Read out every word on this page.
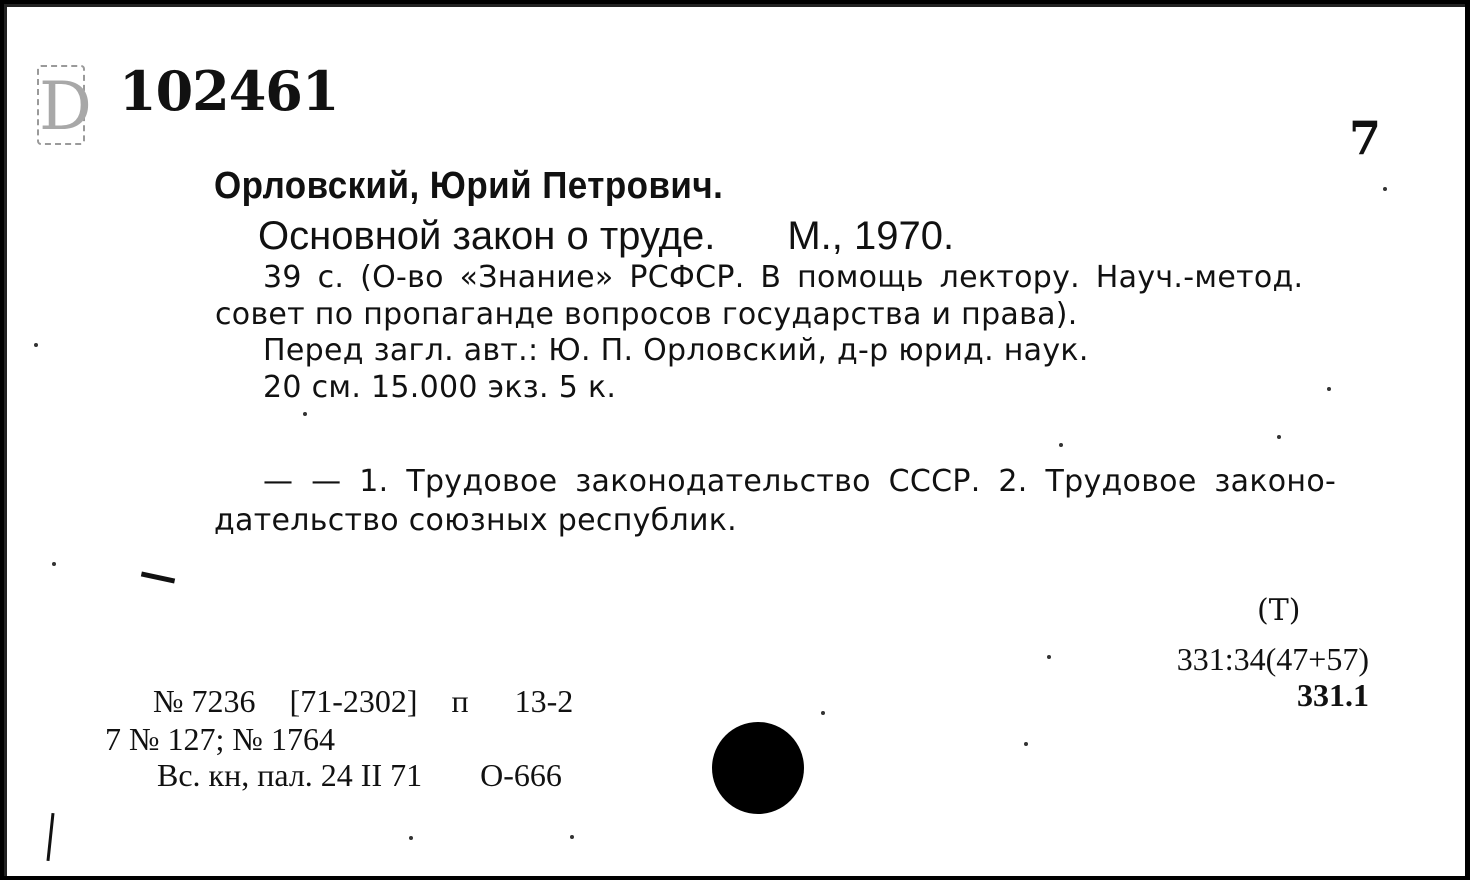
D 102461
7
Орловский, Юрий Петрович.
Основной закон о труде. М., 1970.
39 с. (О-во «Знание» РСФСР. В помощь лектору. Науч.-метод.
совет по пропаганде вопросов государства и права).
Перед загл. авт.: Ю. П. Орловский, д-р юрид. наук.
20 см. 15.000 экз. 5 к.
— — 1. Трудовое законодательство СССР. 2. Трудовое законо-
дательство союзных республик.
(Т)
331:34(47+57)
331.1
№ 7236 [71-2302] п 13-2
7 № 127; № 1764
Вс. кн, пал. 24 II 71 О-666
